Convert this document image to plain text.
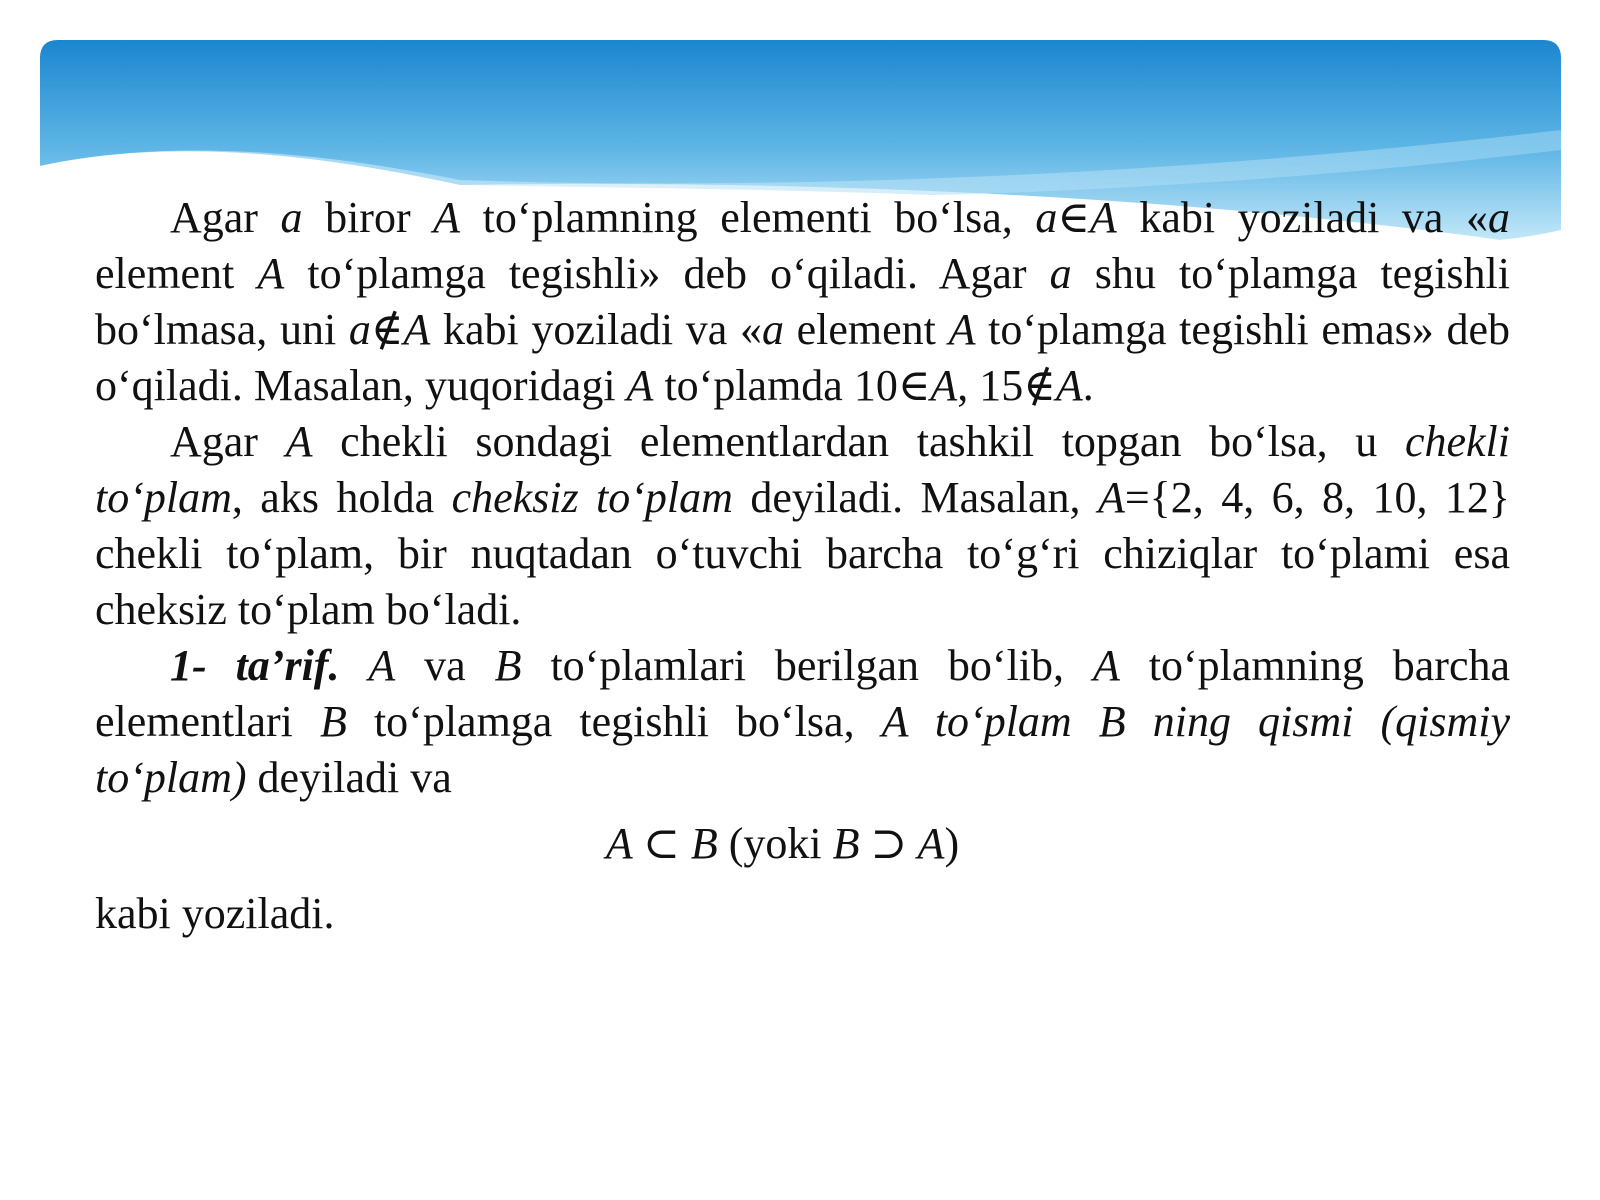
Agar a biror A to‘plamning elementi bo‘lsa, a∈A kabi yoziladi va «a element A to‘plamga tegishli» deb o‘qiladi. Agar a shu to‘plamga tegishli bo‘lmasa, uni a∉A kabi yoziladi va «a element A to‘plamga tegishli emas» deb o‘qiladi. Masalan, yuqoridagi A to‘plamda 10∈A, 15∉A.

Agar A chekli sondagi elementlardan tashkil topgan bo‘lsa, u chekli to‘plam, aks holda cheksiz to‘plam deyiladi. Masalan, A={2, 4, 6, 8, 10, 12} chekli to‘plam, bir nuqtadan o‘tuvchi barcha to‘g‘ri chiziqlar to‘plami esa cheksiz to‘plam bo‘ladi.

1- ta’rif. A va B to‘plamlari berilgan bo‘lib, A to‘plamning barcha elementlari B to‘plamga tegishli bo‘lsa, A to‘plam B ning qismi (qismiy to‘plam) deyiladi va

A ⊂ B (yoki B ⊃ A)

kabi yoziladi.
